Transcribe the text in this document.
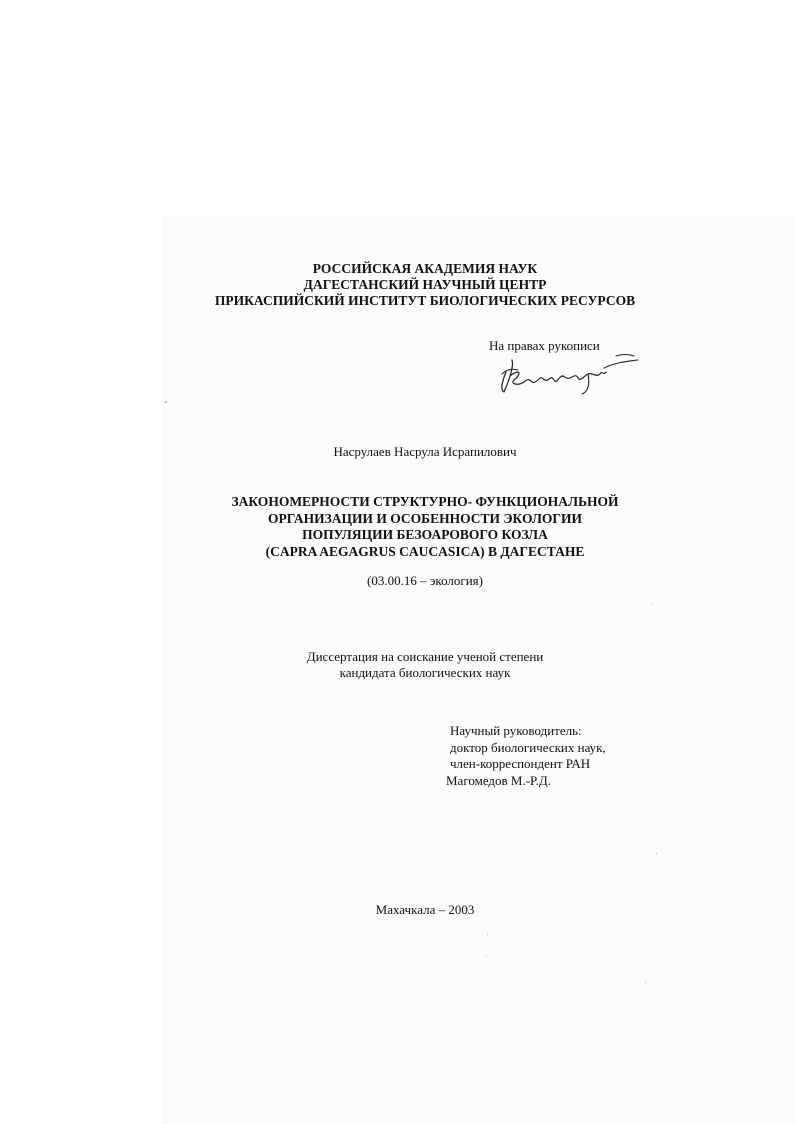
РОССИЙСКАЯ АКАДЕМИЯ НАУК
ДАГЕСТАНСКИЙ НАУЧНЫЙ ЦЕНТР
ПРИКАСПИЙСКИЙ ИНСТИТУТ БИОЛОГИЧЕСКИХ РЕСУРСОВ
На правах рукописи
Насрулаев Насрула Исрапилович
ЗАКОНОМЕРНОСТИ СТРУКТУРНО- ФУНКЦИОНАЛЬНОЙ
ОРГАНИЗАЦИИ И ОСОБЕННОСТИ ЭКОЛОГИИ
ПОПУЛЯЦИИ БЕЗОАРОВОГО КОЗЛА
(CAPRA AEGAGRUS CAUCASICA) В ДАГЕСТАНЕ
(03.00.16 – экология)
Диссертация на соискание ученой степени
кандидата биологических наук
Научный руководитель:
доктор биологических наук,
член-корреспондент РАН
Магомедов М.-Р.Д.
Махачкала – 2003
